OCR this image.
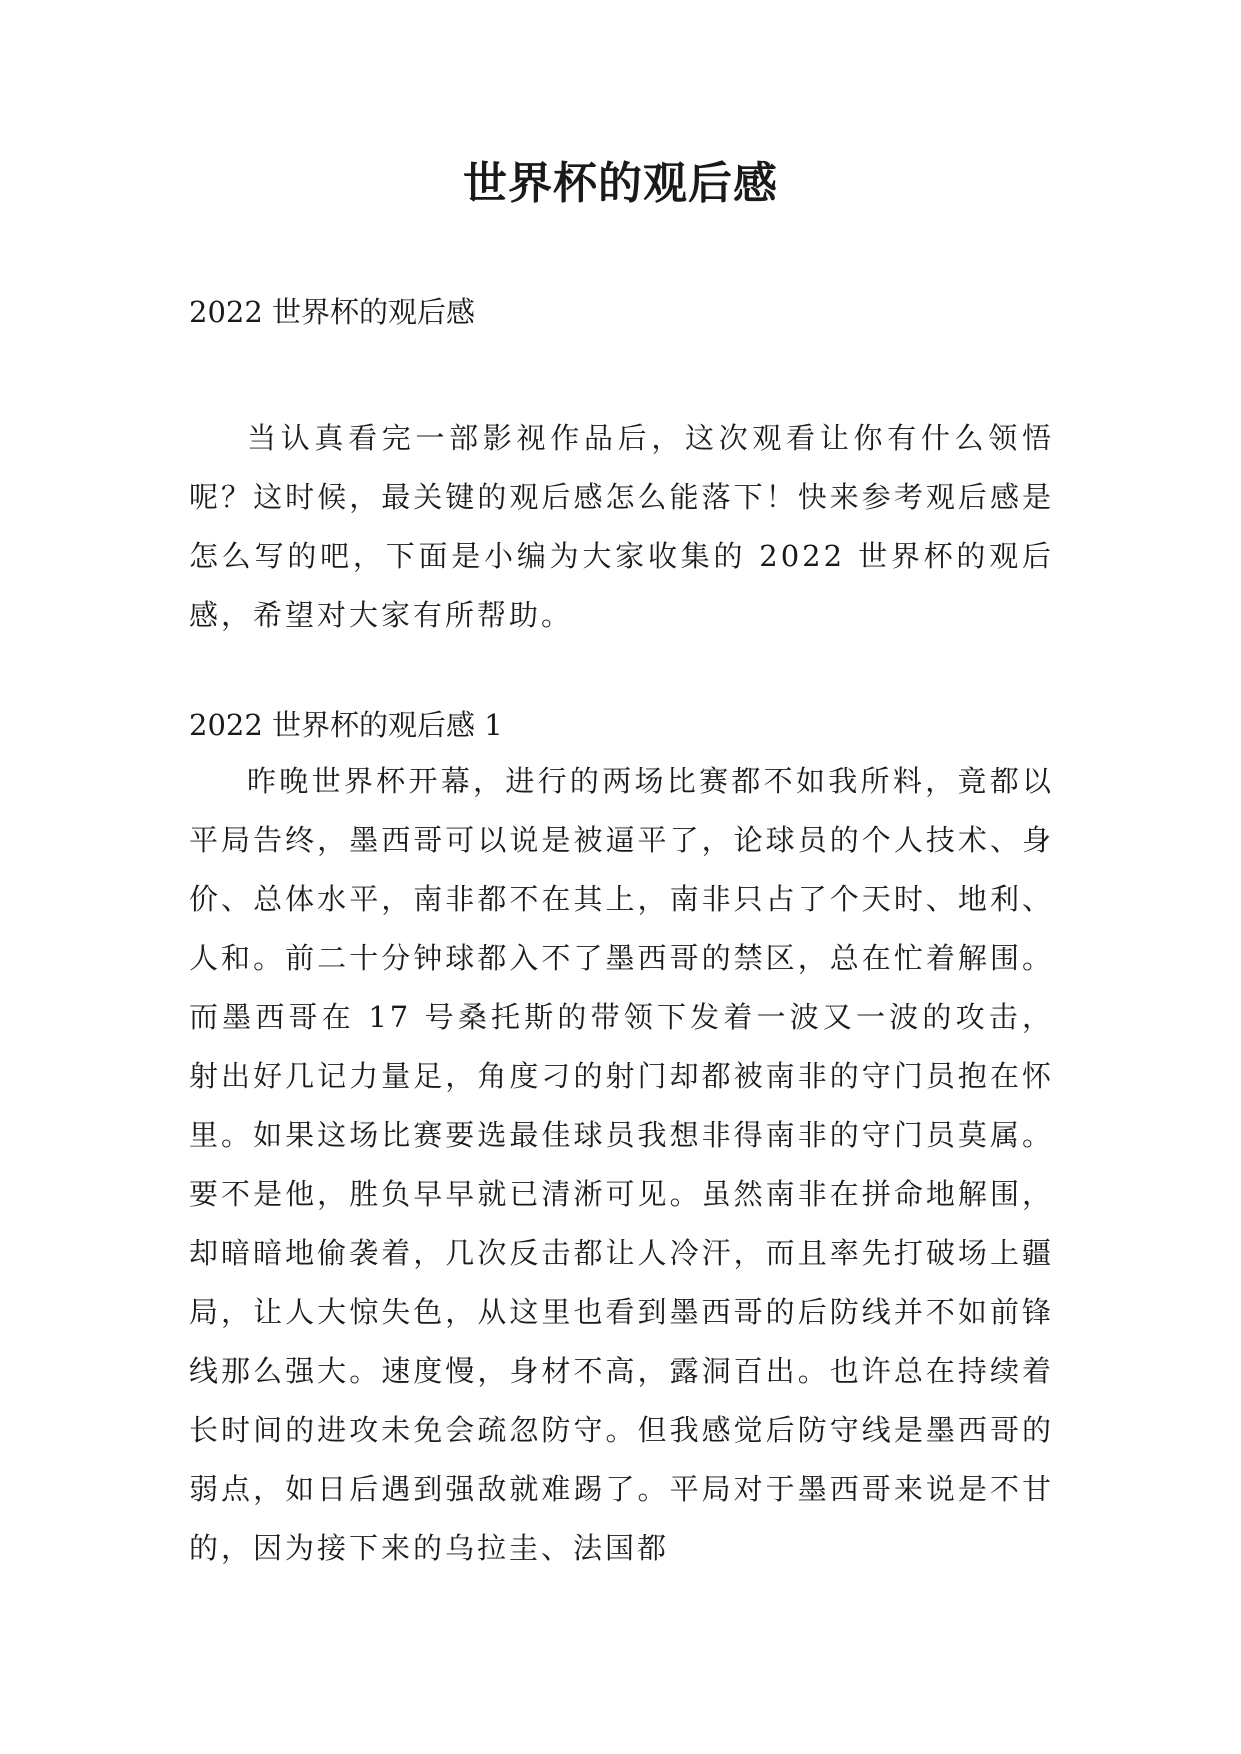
世界杯的观后感

2022 世界杯的观后感

当认真看完一部影视作品后，这次观看让你有什么领悟呢？这时候，最关键的观后感怎么能落下！快来参考观后感是怎么写的吧，下面是小编为大家收集的 2022 世界杯的观后感，希望对大家有所帮助。

2022 世界杯的观后感 1

昨晚世界杯开幕，进行的两场比赛都不如我所料，竟都以平局告终，墨西哥可以说是被逼平了，论球员的个人技术、身价、总体水平，南非都不在其上，南非只占了个天时、地利、人和。前二十分钟球都入不了墨西哥的禁区，总在忙着解围。而墨西哥在 17 号桑托斯的带领下发着一波又一波的攻击，射出好几记力量足，角度刁的射门却都被南非的守门员抱在怀里。如果这场比赛要选最佳球员我想非得南非的守门员莫属。要不是他，胜负早早就已清淅可见。虽然南非在拼命地解围，却暗暗地偷袭着，几次反击都让人冷汗，而且率先打破场上疆局，让人大惊失色，从这里也看到墨西哥的后防线并不如前锋线那么强大。速度慢，身材不高，露洞百出。也许总在持续着长时间的进攻未免会疏忽防守。但我感觉后防守线是墨西哥的弱点，如日后遇到强敌就难踢了。平局对于墨西哥来说是不甘的，因为接下来的乌拉圭、法国都
